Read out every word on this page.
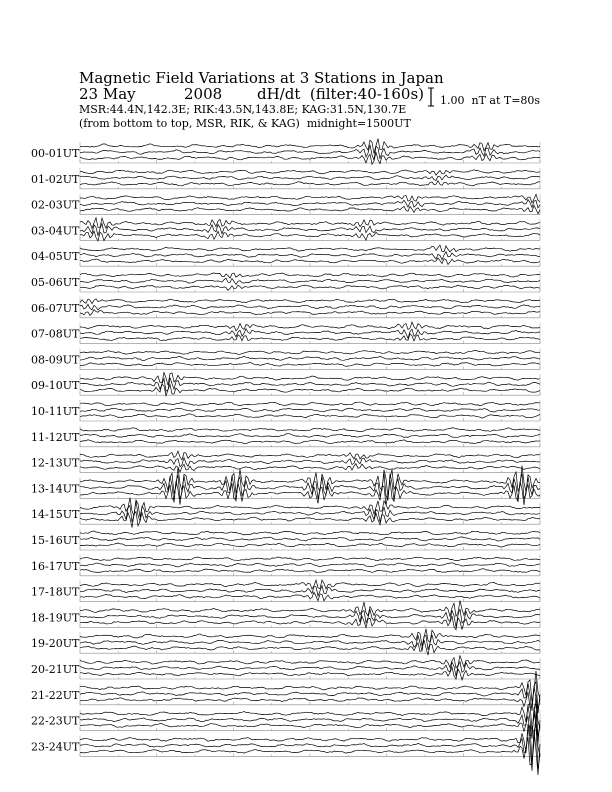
Magnetic Field Variations at 3 Stations in Japan
23 May	2008 dH/dt  (filter:40-160s)
MSR:44.4N,142.3E; RIK:43.5N,143.8E; KAG:31.5N,130.7E
(from bottom to top, MSR, RIK, & KAG)  midnight=1500UT
1.00  nT at T=80s
00-01UT
01-02UT
02-03UT
03-04UT
04-05UT
05-06UT
06-07UT
07-08UT
08-09UT
09-10UT
10-11UT
11-12UT
12-13UT
13-14UT
14-15UT
15-16UT
16-17UT
17-18UT
18-19UT
19-20UT
20-21UT
21-22UT
22-23UT
23-24UT
